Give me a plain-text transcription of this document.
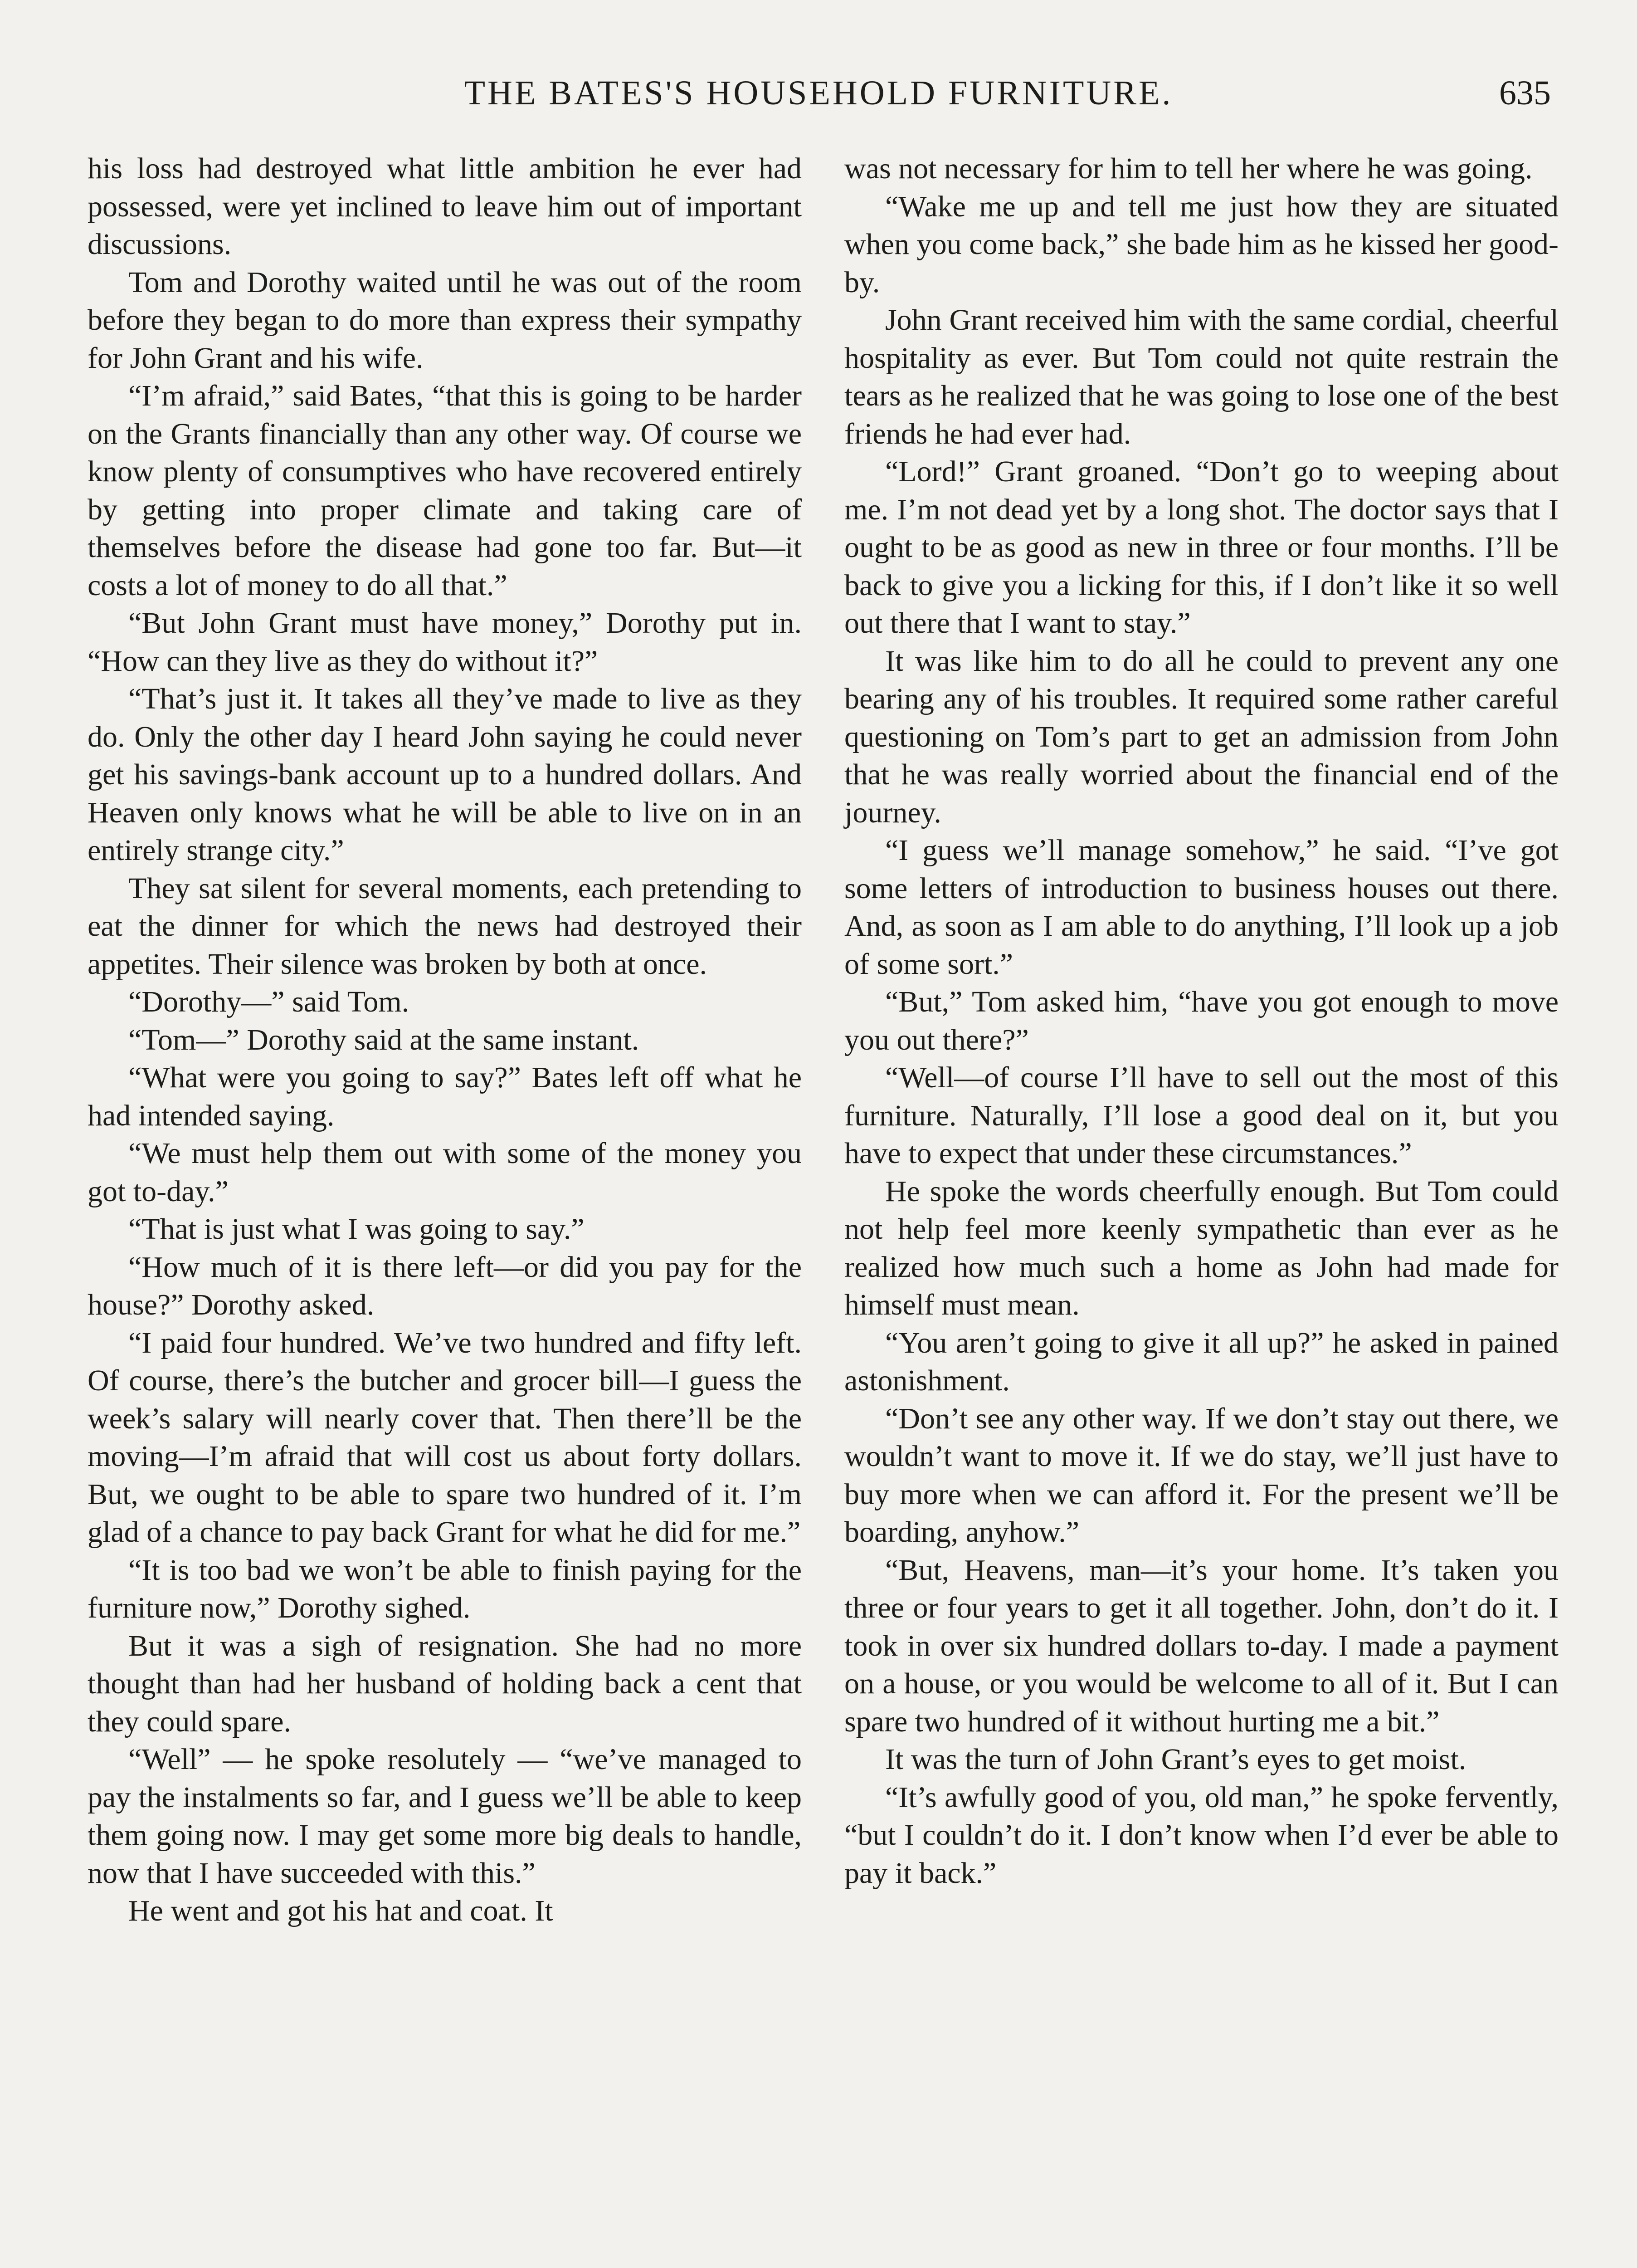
THE BATES'S HOUSEHOLD FURNITURE.	635

his loss had destroyed what little ambition he ever had possessed, were yet inclined to leave him out of important discussions.

Tom and Dorothy waited until he was out of the room before they began to do more than express their sympathy for John Grant and his wife.

“I’m afraid,” said Bates, “that this is going to be harder on the Grants financially than any other way. Of course we know plenty of consumptives who have recovered entirely by getting into proper climate and taking care of themselves before the disease had gone too far. But—it costs a lot of money to do all that.”

“But John Grant must have money,” Dorothy put in. “How can they live as they do without it?”

“That’s just it. It takes all they’ve made to live as they do. Only the other day I heard John saying he could never get his savings-bank account up to a hundred dollars. And Heaven only knows what he will be able to live on in an entirely strange city.”

They sat silent for several moments, each pretending to eat the dinner for which the news had destroyed their appetites. Their silence was broken by both at once.

“Dorothy—” said Tom.

“Tom—” Dorothy said at the same instant.

“What were you going to say?” Bates left off what he had intended saying.

“We must help them out with some of the money you got to-day.”

“That is just what I was going to say.”

“How much of it is there left—or did you pay for the house?” Dorothy asked.

“I paid four hundred. We’ve two hundred and fifty left. Of course, there’s the butcher and grocer bill—I guess the week’s salary will nearly cover that. Then there’ll be the moving—I’m afraid that will cost us about forty dollars. But, we ought to be able to spare two hundred of it. I’m glad of a chance to pay back Grant for what he did for me.”

“It is too bad we won’t be able to finish paying for the furniture now,” Dorothy sighed.

But it was a sigh of resignation. She had no more thought than had her husband of holding back a cent that they could spare.

“Well” — he spoke resolutely — “we’ve managed to pay the instalments so far, and I guess we’ll be able to keep them going now. I may get some more big deals to handle, now that I have succeeded with this.”

He went and got his hat and coat. It

was not necessary for him to tell her where he was going.

“Wake me up and tell me just how they are situated when you come back,” she bade him as he kissed her good-by.

John Grant received him with the same cordial, cheerful hospitality as ever. But Tom could not quite restrain the tears as he realized that he was going to lose one of the best friends he had ever had.

“Lord!” Grant groaned. “Don’t go to weeping about me. I’m not dead yet by a long shot. The doctor says that I ought to be as good as new in three or four months. I’ll be back to give you a licking for this, if I don’t like it so well out there that I want to stay.”

It was like him to do all he could to prevent any one bearing any of his troubles. It required some rather careful questioning on Tom’s part to get an admission from John that he was really worried about the financial end of the journey.

“I guess we’ll manage somehow,” he said. “I’ve got some letters of introduction to business houses out there. And, as soon as I am able to do anything, I’ll look up a job of some sort.”

“But,” Tom asked him, “have you got enough to move you out there?”

“Well—of course I’ll have to sell out the most of this furniture. Naturally, I’ll lose a good deal on it, but you have to expect that under these circumstances.”

He spoke the words cheerfully enough. But Tom could not help feel more keenly sympathetic than ever as he realized how much such a home as John had made for himself must mean.

“You aren’t going to give it all up?” he asked in pained astonishment.

“Don’t see any other way. If we don’t stay out there, we wouldn’t want to move it. If we do stay, we’ll just have to buy more when we can afford it. For the present we’ll be boarding, anyhow.”

“But, Heavens, man—it’s your home. It’s taken you three or four years to get it all together. John, don’t do it. I took in over six hundred dollars to-day. I made a payment on a house, or you would be welcome to all of it. But I can spare two hundred of it without hurting me a bit.”

It was the turn of John Grant’s eyes to get moist.

“It’s awfully good of you, old man,” he spoke fervently, “but I couldn’t do it. I don’t know when I’d ever be able to pay it back.”
